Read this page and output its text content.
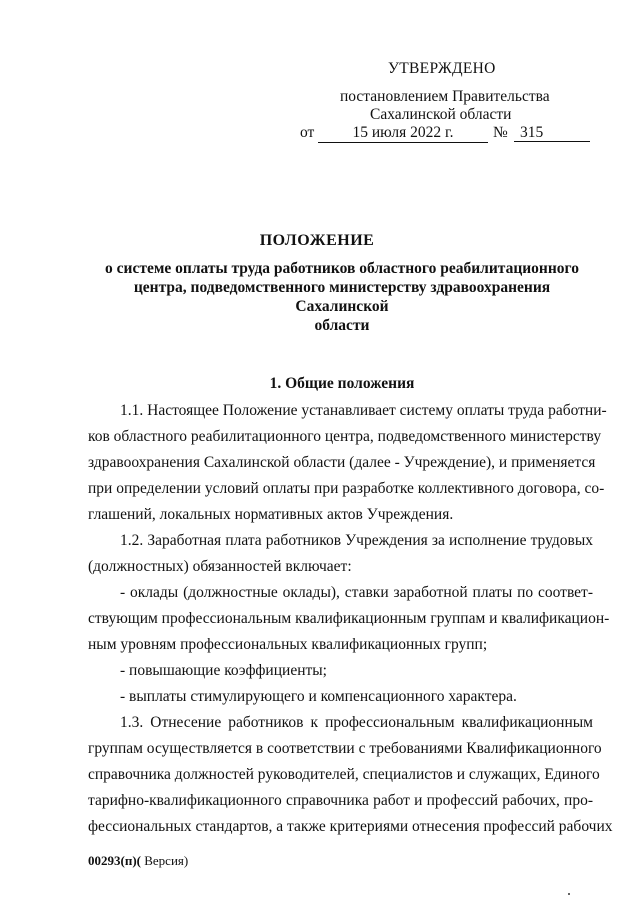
УТВЕРЖДЕНО
постановлением Правительства
Сахалинской области
от	15 июля 2022 г.	№ 315
ПОЛОЖЕНИЕ
о системе оплаты труда работников областного реабилитационного
центра, подведомственного министерству здравоохранения Сахалинской
области
1. Общие положения
1.1. Настоящее Положение устанавливает систему оплаты труда работни-
ков областного реабилитационного центра, подведомственного министерству
здравоохранения Сахалинской области (далее - Учреждение), и применяется
при определении условий оплаты при разработке коллективного договора, со-
глашений, локальных нормативных актов Учреждения.
1.2. Заработная плата работников Учреждения за исполнение трудовых
(должностных) обязанностей включает:
- оклады (должностные оклады), ставки заработной платы по соответ-
ствующим профессиональным квалификационным группам и квалификацион-
ным уровням профессиональных квалификационных групп;
- повышающие коэффициенты;
- выплаты стимулирующего и компенсационного характера.
1.3. Отнесение работников к профессиональным квалификационным
группам осуществляется в соответствии с требованиями Квалификационного
справочника должностей руководителей, специалистов и служащих, Единого
тарифно-квалификационного справочника работ и профессий рабочих, про-
фессиональных стандартов, а также критериями отнесения профессий рабочих
00293(п)( Версия)
